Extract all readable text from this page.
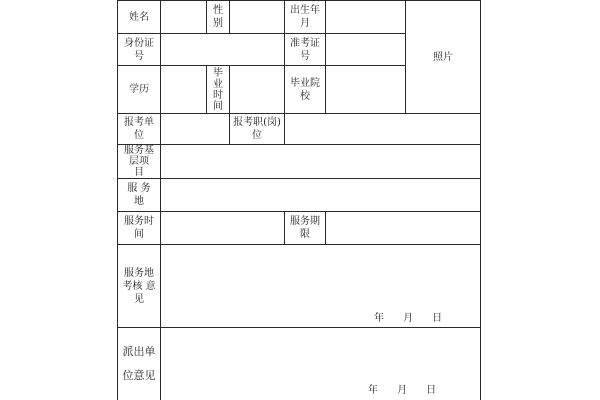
姓名
性
别
出生年
月
照片
身份证
号
准考证
号
学历
毕
业
时
间
毕业院
校
报考单
位
报考职(岗)
位
服务基
层项
目
服 务
地
服务时
间
服务期
限
服务地
考核 意
见
年      月      日
派出单
位意见
年      月      日
